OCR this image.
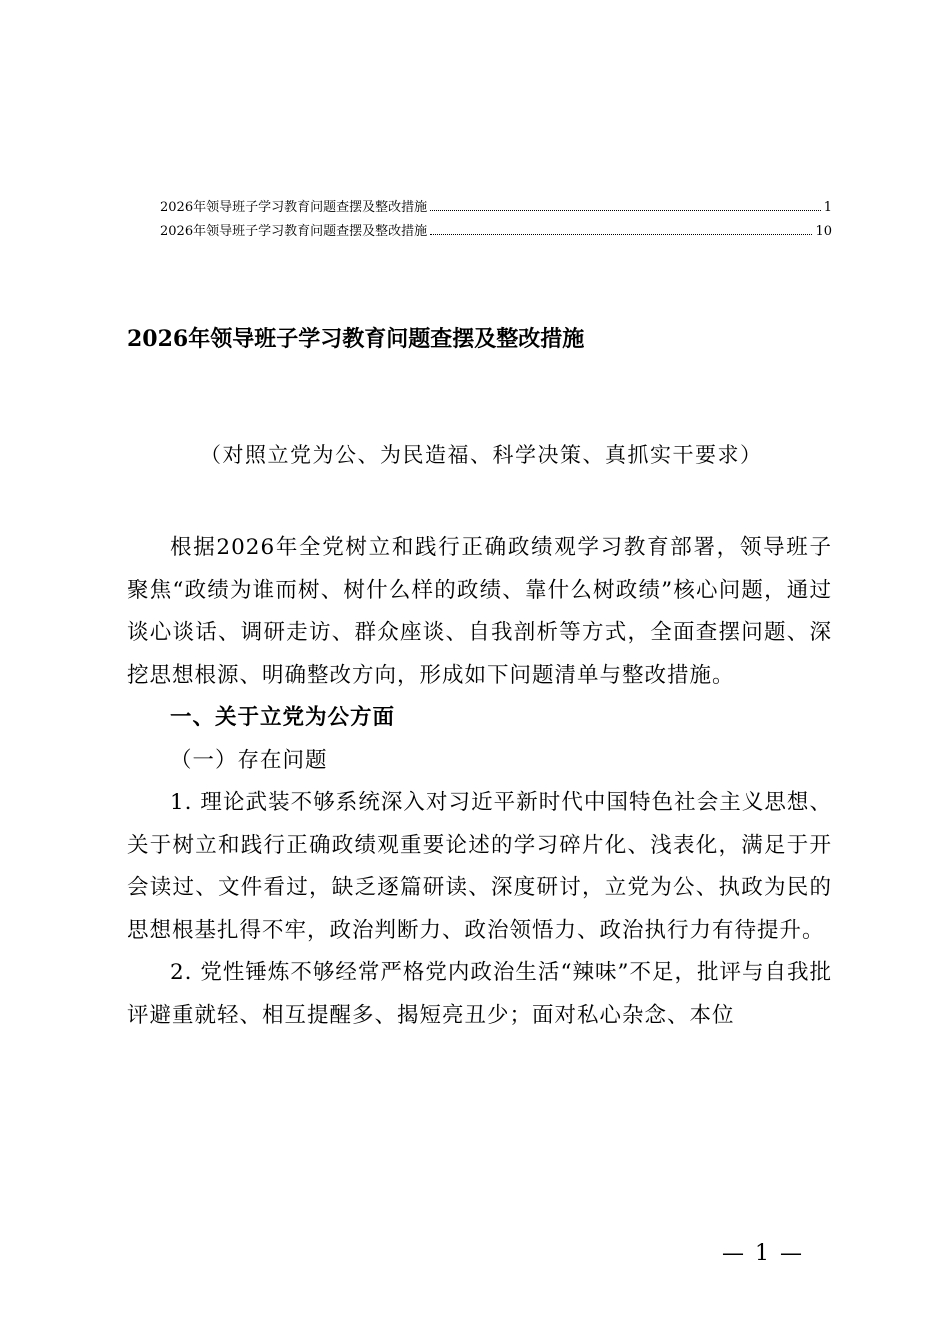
2026年领导班子学习教育问题查摆及整改措施	1
2026年领导班子学习教育问题查摆及整改措施	10
2026年领导班子学习教育问题查摆及整改措施
（对照立党为公、为民造福、科学决策、真抓实干要求）

根据2026年全党树立和践行正确政绩观学习教育部署，领导班子聚焦“政绩为谁而树、树什么样的政绩、靠什么树政绩”核心问题，通过谈心谈话、调研走访、群众座谈、自我剖析等方式，全面查摆问题、深挖思想根源、明确整改方向，形成如下问题清单与整改措施。

一、关于立党为公方面
（一）存在问题

1. 理论武装不够系统深入对习近平新时代中国特色社会主义思想、关于树立和践行正确政绩观重要论述的学习碎片化、浅表化，满足于开会读过、文件看过，缺乏逐篇研读、深度研讨，立党为公、执政为民的思想根基扎得不牢，政治判断力、政治领悟力、政治执行力有待提升。

2. 党性锤炼不够经常严格党内政治生活“辣味”不足，批评与自我批评避重就轻、相互提醒多、揭短亮丑少；面对私心杂念、本位

— 1 —
